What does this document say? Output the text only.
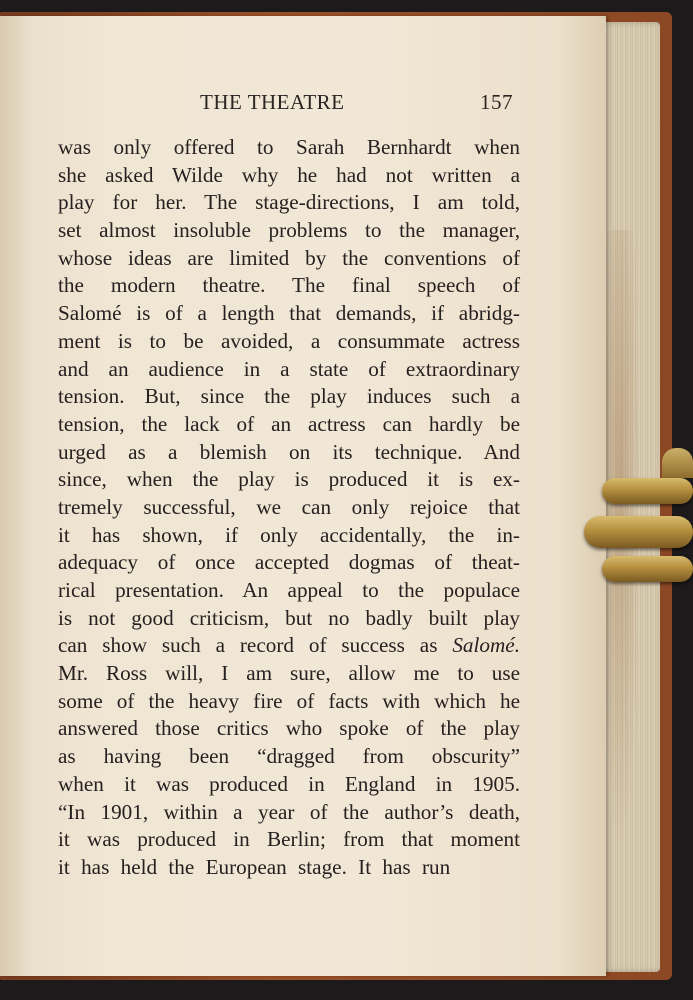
THE THEATRE	157
was only offered to Sarah Bernhardt when
she asked Wilde why he had not written a
play for her. The stage-directions, I am told,
set almost insoluble problems to the manager,
whose ideas are limited by the conventions of
the modern theatre. The final speech of
Salomé is of a length that demands, if abridg-
ment is to be avoided, a consummate actress
and an audience in a state of extraordinary
tension. But, since the play induces such a
tension, the lack of an actress can hardly be
urged as a blemish on its technique. And
since, when the play is produced it is ex-
tremely successful, we can only rejoice that
it has shown, if only accidentally, the in-
adequacy of once accepted dogmas of theat-
rical presentation. An appeal to the populace
is not good criticism, but no badly built play
can show such a record of success as Salomé.
Mr. Ross will, I am sure, allow me to use
some of the heavy fire of facts with which he
answered those critics who spoke of the play
as having been “dragged from obscurity”
when it was produced in England in 1905.
“In 1901, within a year of the author’s death,
it was produced in Berlin; from that moment
it has held the European stage. It has run
